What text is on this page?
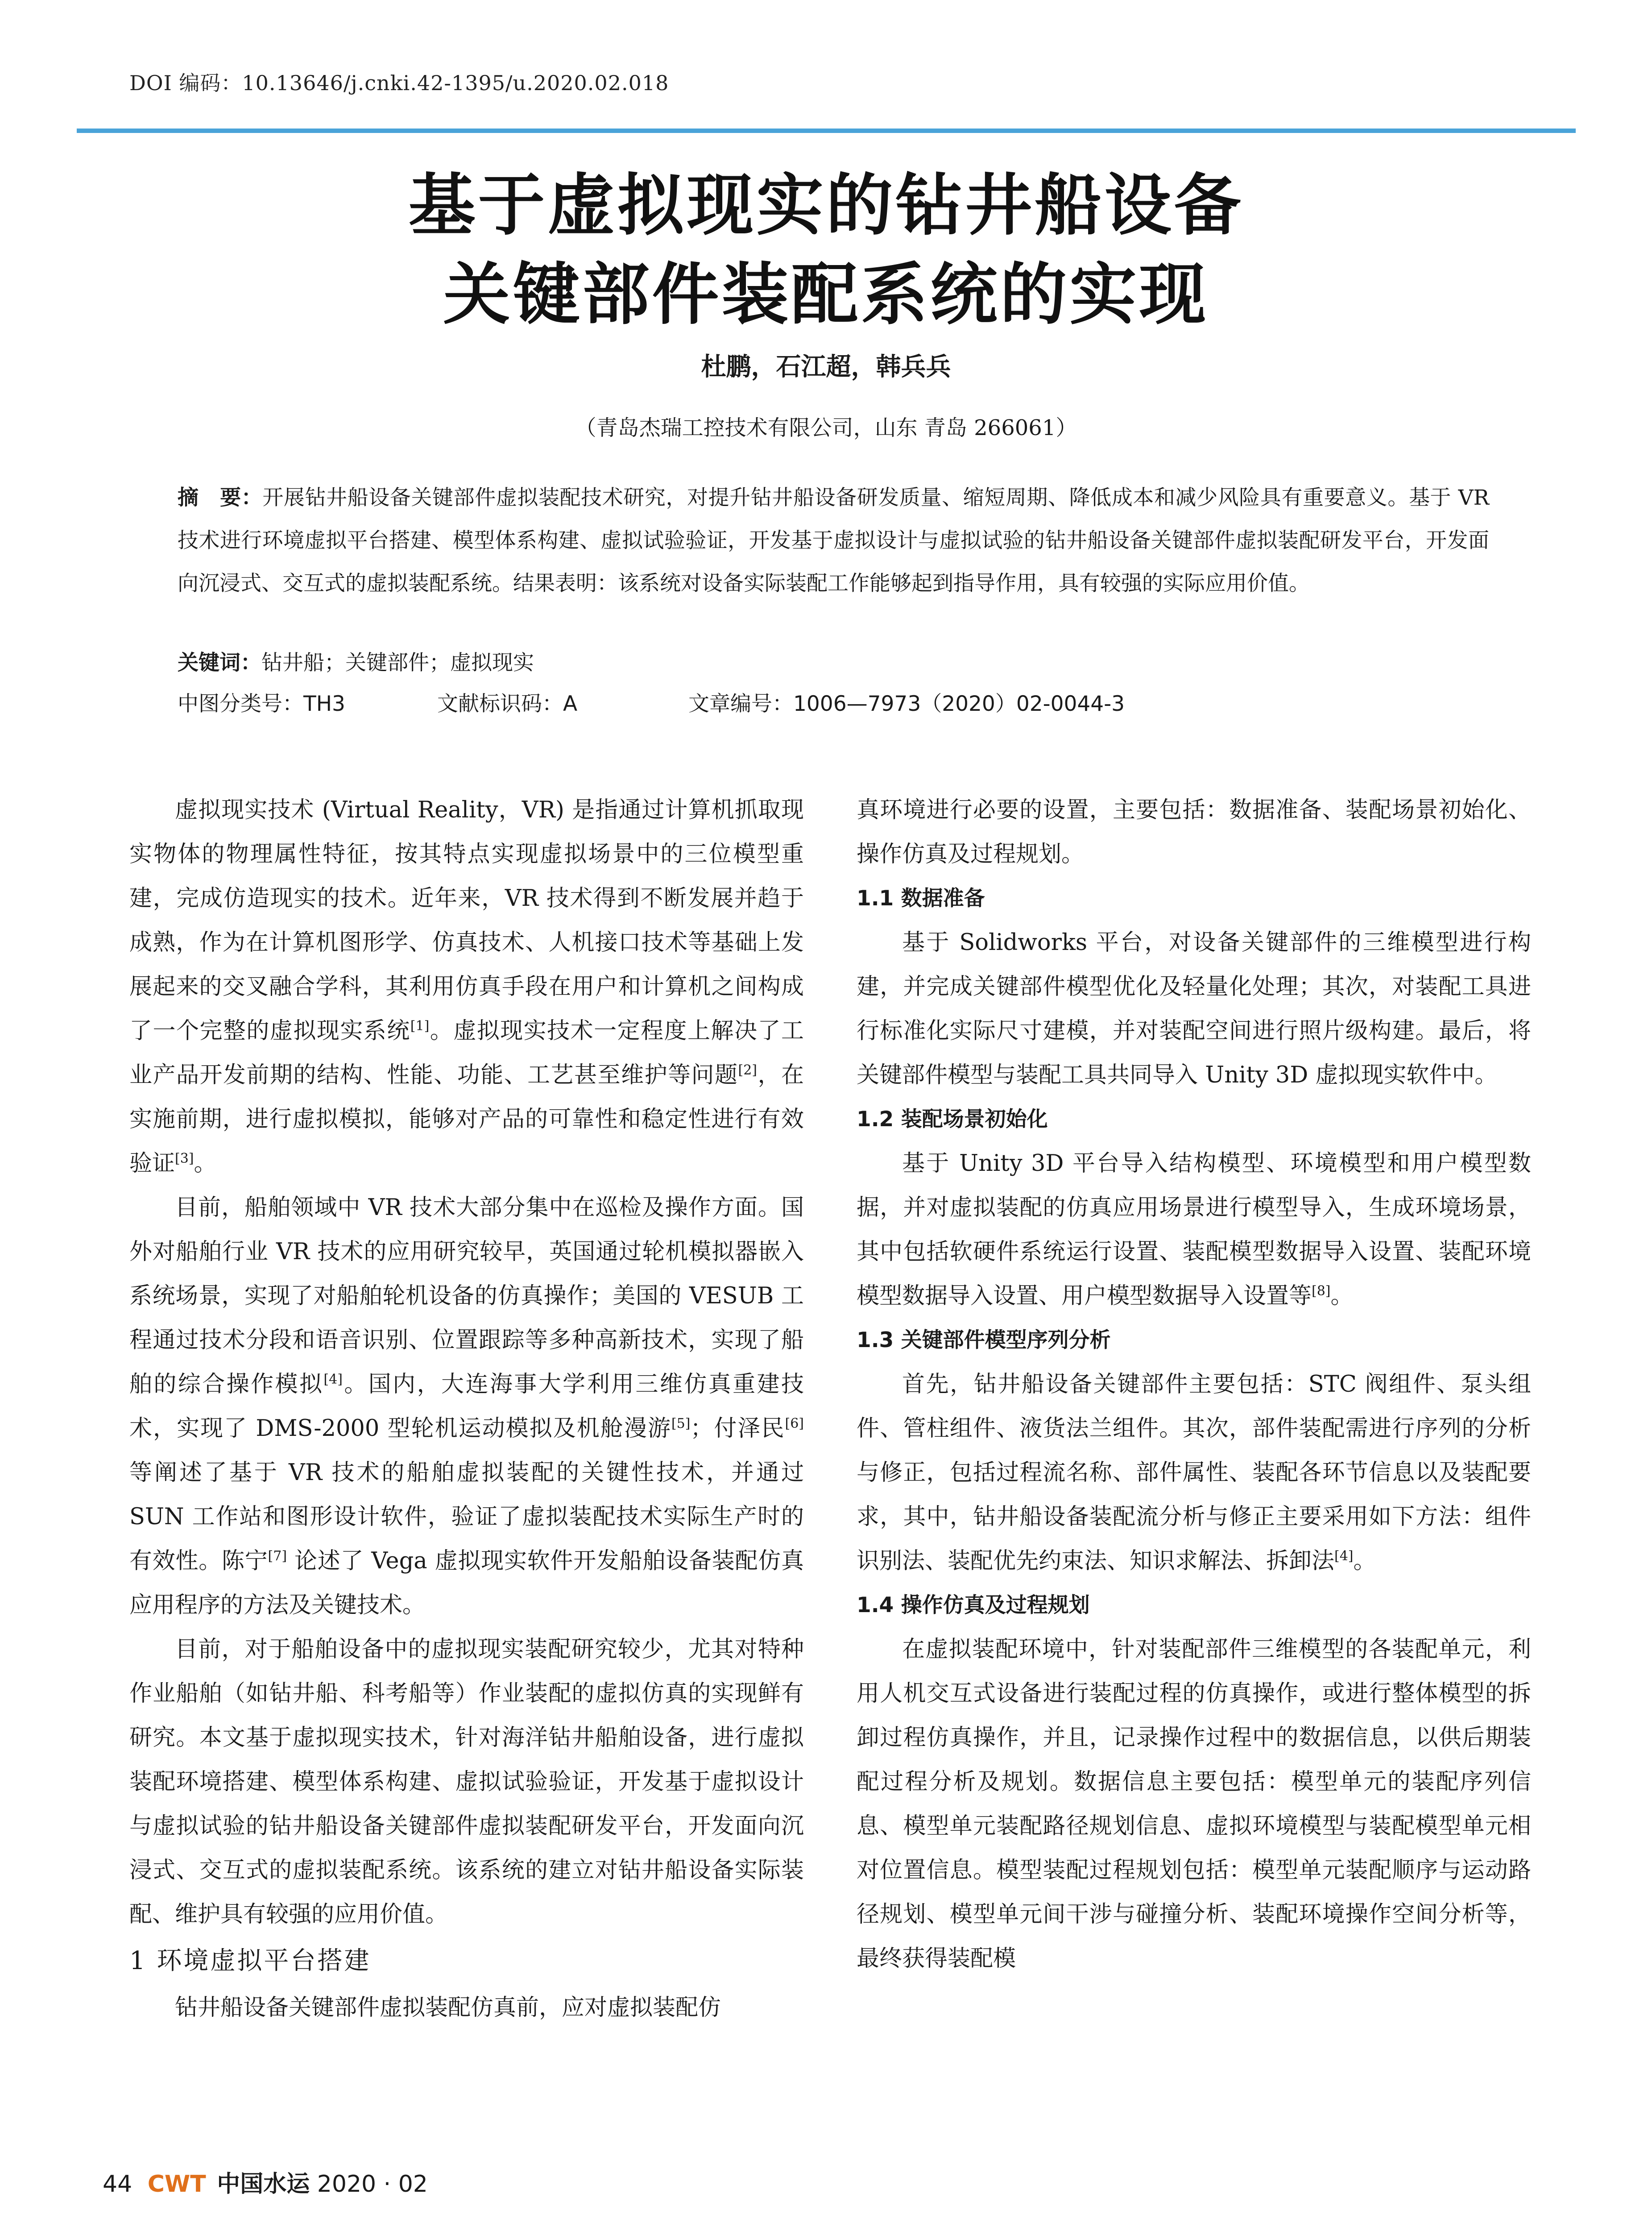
DOI 编码：10.13646/j.cnki.42-1395/u.2020.02.018
基于虚拟现实的钻井船设备
关键部件装配系统的实现
杜鹏，石江超，韩兵兵
（青岛杰瑞工控技术有限公司，山东 青岛 266061）
摘　要：开展钻井船设备关键部件虚拟装配技术研究，对提升钻井船设备研发质量、缩短周期、降低成本和减少风险具有重要意义。基于 VR 技术进行环境虚拟平台搭建、模型体系构建、虚拟试验验证，开发基于虚拟设计与虚拟试验的钻井船设备关键部件虚拟装配研发平台，开发面向沉浸式、交互式的虚拟装配系统。结果表明：该系统对设备实际装配工作能够起到指导作用，具有较强的实际应用价值。
关键词：钻井船；关键部件；虚拟现实
中图分类号：TH3	文献标识码：A	文章编号：1006—7973（2020）02-0044-3

虚拟现实技术 (Virtual Reality，VR) 是指通过计算机抓取现实物体的物理属性特征，按其特点实现虚拟场景中的三位模型重建，完成仿造现实的技术。近年来，VR 技术得到不断发展并趋于成熟，作为在计算机图形学、仿真技术、人机接口技术等基础上发展起来的交叉融合学科，其利用仿真手段在用户和计算机之间构成了一个完整的虚拟现实系统[1]。虚拟现实技术一定程度上解决了工业产品开发前期的结构、性能、功能、工艺甚至维护等问题[2]，在实施前期，进行虚拟模拟，能够对产品的可靠性和稳定性进行有效验证[3]。

目前，船舶领域中 VR 技术大部分集中在巡检及操作方面。国外对船舶行业 VR 技术的应用研究较早，英国通过轮机模拟器嵌入系统场景，实现了对船舶轮机设备的仿真操作；美国的 VESUB 工程通过技术分段和语音识别、位置跟踪等多种高新技术，实现了船舶的综合操作模拟[4]。国内，大连海事大学利用三维仿真重建技术，实现了 DMS-2000 型轮机运动模拟及机舱漫游[5]；付泽民[6] 等阐述了基于 VR 技术的船舶虚拟装配的关键性技术，并通过 SUN 工作站和图形设计软件，验证了虚拟装配技术实际生产时的有效性。陈宁[7] 论述了 Vega 虚拟现实软件开发船舶设备装配仿真应用程序的方法及关键技术。

目前，对于船舶设备中的虚拟现实装配研究较少，尤其对特种作业船舶（如钻井船、科考船等）作业装配的虚拟仿真的实现鲜有研究。本文基于虚拟现实技术，针对海洋钻井船舶设备，进行虚拟装配环境搭建、模型体系构建、虚拟试验验证，开发基于虚拟设计与虚拟试验的钻井船设备关键部件虚拟装配研发平台，开发面向沉浸式、交互式的虚拟装配系统。该系统的建立对钻井船设备实际装配、维护具有较强的应用价值。

1 环境虚拟平台搭建

钻井船设备关键部件虚拟装配仿真前，应对虚拟装配仿

真环境进行必要的设置，主要包括：数据准备、装配场景初始化、操作仿真及过程规划。

1.1 数据准备

基于 Solidworks 平台，对设备关键部件的三维模型进行构建，并完成关键部件模型优化及轻量化处理；其次，对装配工具进行标准化实际尺寸建模，并对装配空间进行照片级构建。最后，将关键部件模型与装配工具共同导入 Unity 3D 虚拟现实软件中。

1.2 装配场景初始化

基于 Unity 3D 平台导入结构模型、环境模型和用户模型数据，并对虚拟装配的仿真应用场景进行模型导入，生成环境场景，其中包括软硬件系统运行设置、装配模型数据导入设置、装配环境模型数据导入设置、用户模型数据导入设置等[8]。

1.3 关键部件模型序列分析

首先，钻井船设备关键部件主要包括：STC 阀组件、泵头组件、管柱组件、液货法兰组件。其次，部件装配需进行序列的分析与修正，包括过程流名称、部件属性、装配各环节信息以及装配要求，其中，钻井船设备装配流分析与修正主要采用如下方法：组件识别法、装配优先约束法、知识求解法、拆卸法[4]。

1.4 操作仿真及过程规划

在虚拟装配环境中，针对装配部件三维模型的各装配单元，利用人机交互式设备进行装配过程的仿真操作，或进行整体模型的拆卸过程仿真操作，并且，记录操作过程中的数据信息，以供后期装配过程分析及规划。数据信息主要包括：模型单元的装配序列信息、模型单元装配路径规划信息、虚拟环境模型与装配模型单元相对位置信息。模型装配过程规划包括：模型单元装配顺序与运动路径规划、模型单元间干涉与碰撞分析、装配环境操作空间分析等，最终获得装配模

44 CWT 中国水运 2020 · 02
